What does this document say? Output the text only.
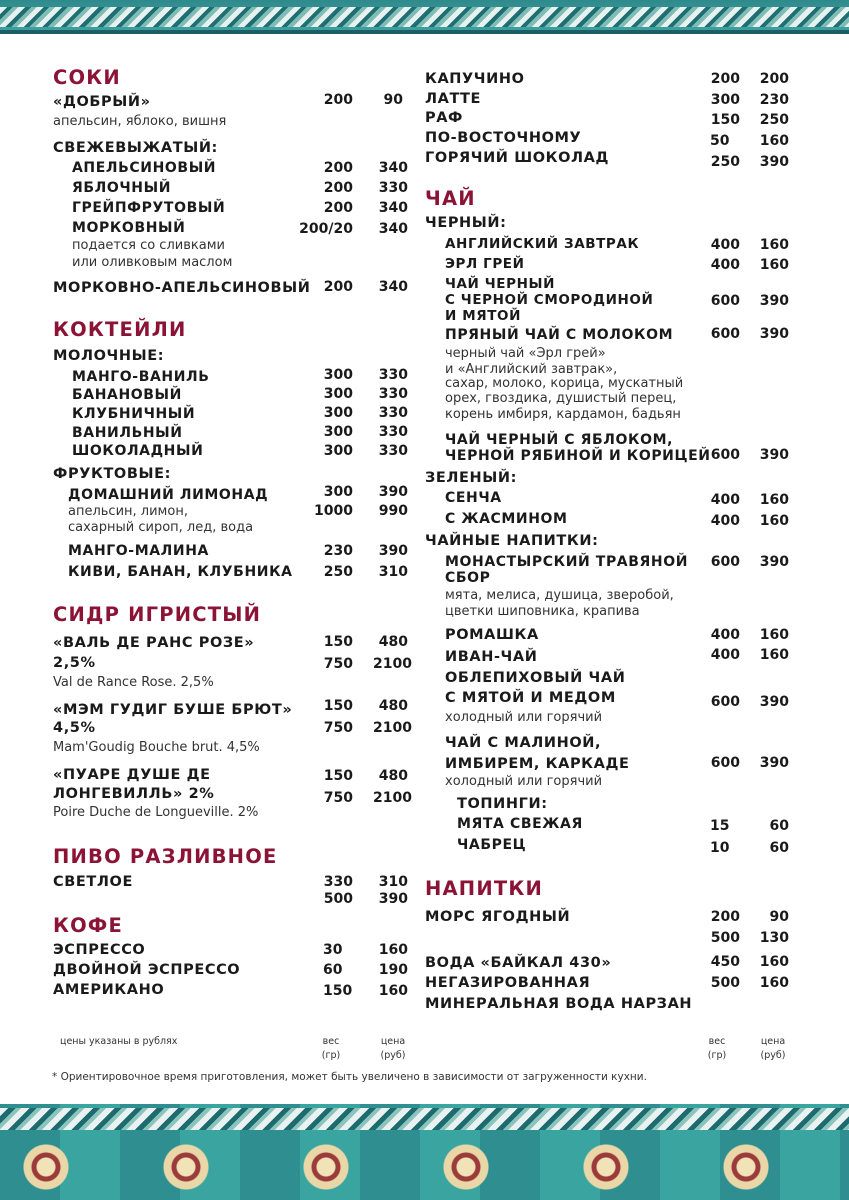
СОКИ
«ДОБРЫЙ»	200	90
апельсин, яблоко, вишня
СВЕЖЕВЫЖАТЫЙ:
АПЕЛЬСИНОВЫЙ	200	340
ЯБЛОЧНЫЙ	200	330
ГРЕЙПФРУТОВЫЙ	200	340
МОРКОВНЫЙ	200/20	340
подается со сливками
или оливковым маслом
МОРКОВНО-АПЕЛЬСИНОВЫЙ 200	340
КОКТЕЙЛИ
МОЛОЧНЫЕ:
МАНГО-ВАНИЛЬ	300	330
БАНАНОВЫЙ	300	330
КЛУБНИЧНЫЙ	300	330
ВАНИЛЬНЫЙ	300	330
ШОКОЛАДНЫЙ	300	330
ФРУКТОВЫЕ:
ДОМАШНИЙ ЛИМОНАД	300	390
1000	990
апельсин, лимон,
сахарный сироп, лед, вода
МАНГО-МАЛИНА	230	390
КИВИ, БАНАН, КЛУБНИКА	250	310
СИДР ИГРИСТЫЙ
«ВАЛЬ ДЕ РАНС РОЗЕ»
2,5%
150	480
750	2100
Val de Rance Rose. 2,5%
«МЭМ ГУДИГ БУШЕ БРЮТ»
4,5%
150	480
750	2100
Mam'Goudig Bouche brut. 4,5%
«ПУАРЕ ДУШЕ ДЕ
ЛОНГЕВИЛЛЬ» 2%
150	480
750	2100
Poire Duche de Longueville. 2%
ПИВО РАЗЛИВНОЕ
СВЕТЛОЕ	330	310
500	390
КОФЕ
ЭСПРЕССО	30	160
ДВОЙНОЙ ЭСПРЕССО	60	190
АМЕРИКАНО	150	160
цены указаны в рублях	вес
(гр)
цена
(руб)
КАПУЧИНО	200	200
ЛАТТЕ	300	230
РАФ	150	250
ПО-ВОСТОЧНОМУ	50	160
ГОРЯЧИЙ ШОКОЛАД	250	390
ЧАЙ
ЧЕРНЫЙ:
АНГЛИЙСКИЙ ЗАВТРАК	400	160
ЭРЛ ГРЕЙ	400	160
ЧАЙ ЧЕРНЫЙ
С ЧЕРНОЙ СМОРОДИНОЙ
И МЯТОЙ
600	390
ПРЯНЫЙ ЧАЙ С МОЛОКОМ	600	390
черный чай «Эрл грей»
и «Английский завтрак»,
сахар, молоко, корица, мускатный
орех, гвоздика, душистый перец,
корень имбиря, кардамон, бадьян
ЧАЙ ЧЕРНЫЙ С ЯБЛОКОМ,
ЧЕРНОЙ РЯБИНОЙ И КОРИЦЕЙ 600	390
ЗЕЛЕНЫЙ:
СЕНЧА	400	160
С ЖАСМИНОМ	400	160
ЧАЙНЫЕ НАПИТКИ:
МОНАСТЫРСКИЙ ТРАВЯНОЙ
СБОР
600	390
мята, мелиса, душица, зверобой,
цветки шиповника, крапива
РОМАШКА	400	160
ИВАН-ЧАЙ	400	160
ОБЛЕПИХОВЫЙ ЧАЙ
С МЯТОЙ И МЕДОМ	600	390
холодный или горячий
ЧАЙ С МАЛИНОЙ,
ИМБИРЕМ, КАРКАДЕ	600	390
холодный или горячий
ТОПИНГИ:
МЯТА СВЕЖАЯ	15	60
ЧАБРЕЦ	10	60
НАПИТКИ
МОРС ЯГОДНЫЙ	200	90
500	130
ВОДА «БАЙКАЛ 430»
НЕГАЗИРОВАННАЯ
450	160
500	160
МИНЕРАЛЬНАЯ ВОДА НАРЗАН
вес
(гр)
цена
(руб)
* Ориентировочное время приготовления, может быть увеличено в зависимости от загруженности кухни.
